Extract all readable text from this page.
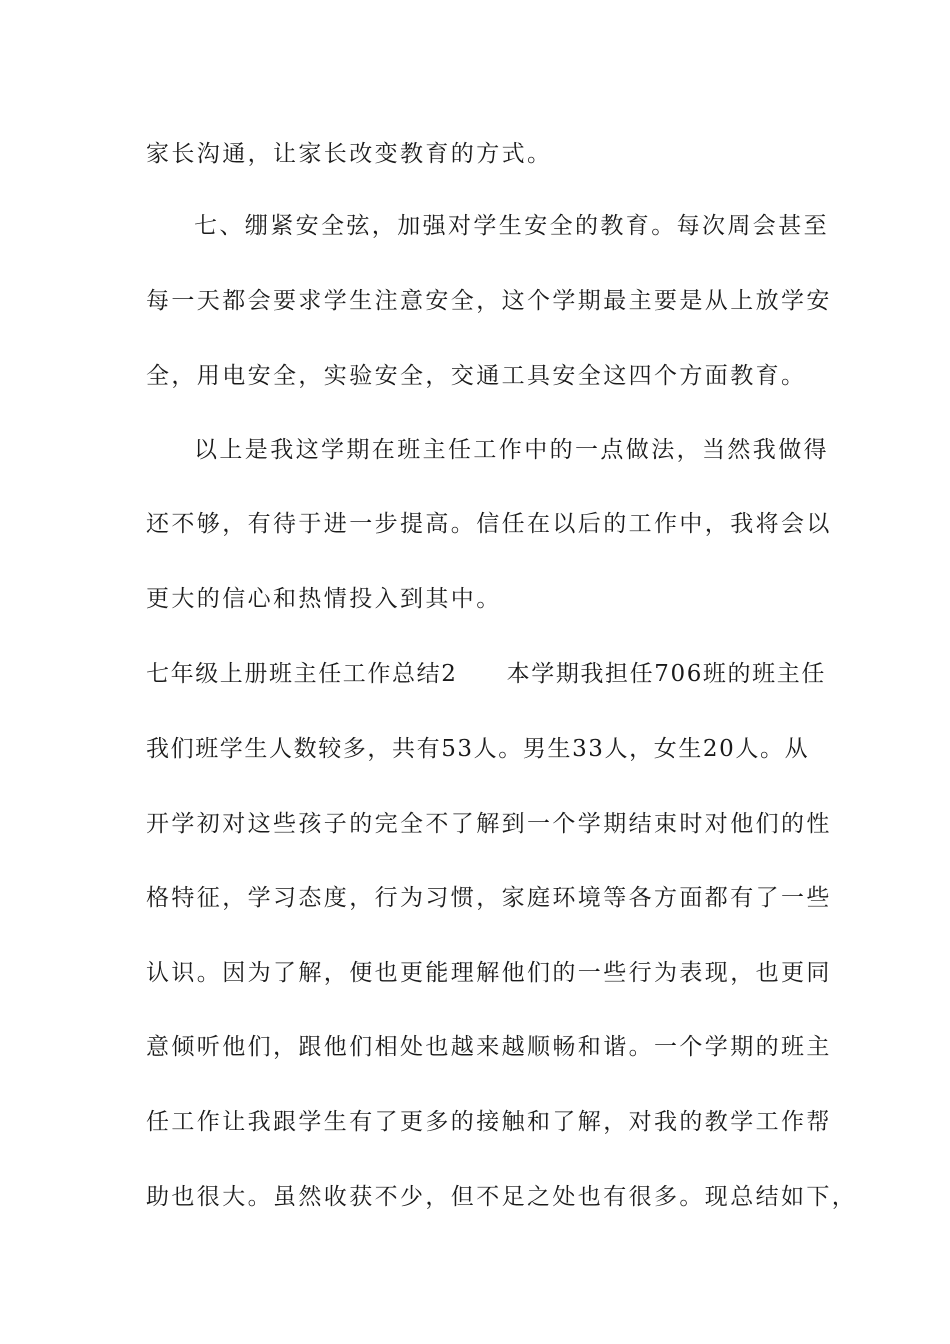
家长沟通，让家长改变教育的方式。
七、绷紧安全弦，加强对学生安全的教育。每次周会甚至
每一天都会要求学生注意安全，这个学期最主要是从上放学安
全，用电安全，实验安全，交通工具安全这四个方面教育。
以上是我这学期在班主任工作中的一点做法，当然我做得
还不够，有待于进一步提高。信任在以后的工作中，我将会以
更大的信心和热情投入到其中。
七年级上册班主任工作总结2　　本学期我担任706班的班主任
我们班学生人数较多，共有53人。男生33人，女生20人。从
开学初对这些孩子的完全不了解到一个学期结束时对他们的性
格特征，学习态度，行为习惯，家庭环境等各方面都有了一些
认识。因为了解，便也更能理解他们的一些行为表现，也更同
意倾听他们，跟他们相处也越来越顺畅和谐。一个学期的班主
任工作让我跟学生有了更多的接触和了解，对我的教学工作帮
助也很大。虽然收获不少，但不足之处也有很多。现总结如下，
